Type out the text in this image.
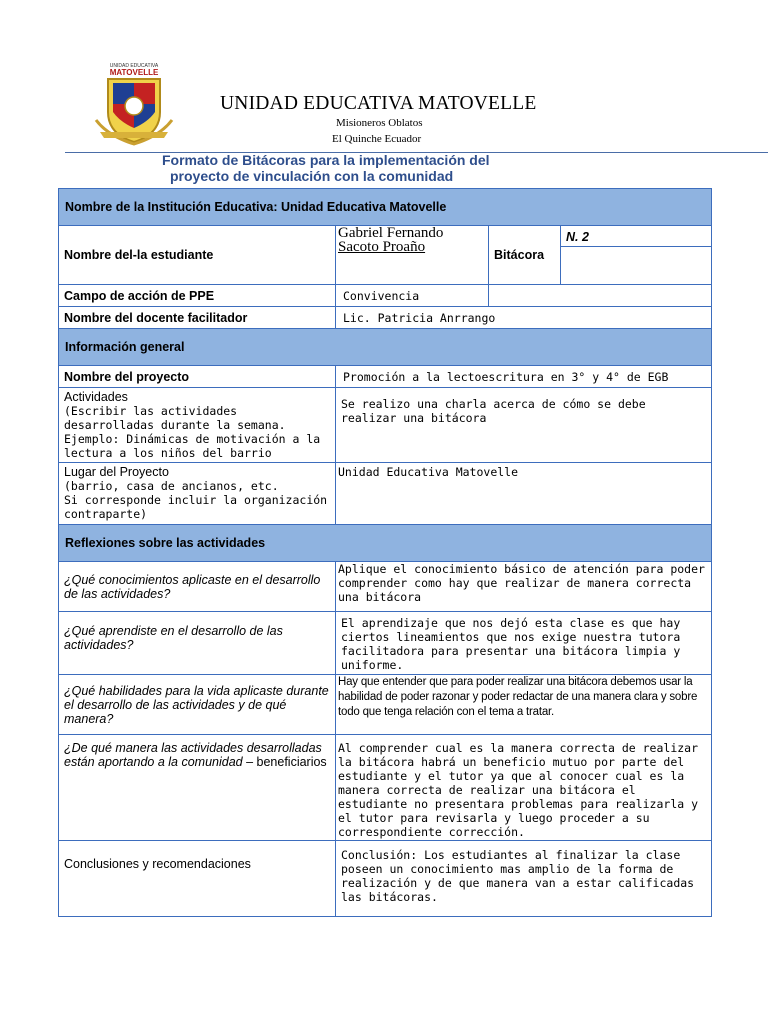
UNIDAD EDUCATIVA
MATOVELLE
UNIDAD EDUCATIVA MATOVELLE
Misioneros Oblatos
El Quinche Ecuador
Formato de Bitácoras para la implementación del
proyecto de vinculación con la comunidad
Nombre de la Institución Educativa: Unidad Educativa Matovelle			
Nombre del-la estudiante	Gabriel Fernando
Sacoto Proaño	Bitácora	N. 2

Campo de acción de PPE	Convivencia		
Nombre del docente facilitador	Lic. Patricia Anrrango		
Información general			
Nombre del proyecto	Promoción a la lectoescritura en 3° y 4° de EGB		

Actividades
(Escribir las actividades desarrolladas durante la semana. Ejemplo: Dinámicas de motivación a la lectura a los niños del barrio	Se realizo una charla acerca de cómo se debe realizar una bitácora		

Lugar del Proyecto
(barrio, casa de ancianos, etc.
Si corresponde incluir la organización contraparte)	Unidad Educativa Matovelle		
Reflexiones sobre las actividades			
¿Qué conocimientos aplicaste en el desarrollo de las actividades?	Aplique el conocimiento básico de atención para poder comprender como hay que realizar de manera correcta una bitácora		
¿Qué aprendiste en el desarrollo de las actividades?	El aprendizaje que nos dejó esta clase es que hay ciertos lineamientos que nos exige nuestra tutora facilitadora para presentar una bitácora limpia y uniforme.		
¿Qué habilidades para la vida aplicaste durante el desarrollo de las actividades y de qué manera?	Hay que entender que para poder realizar una bitácora debemos usar la habilidad de poder razonar y poder redactar de una manera clara y sobre todo que tenga relación con el tema a tratar.		
¿De qué manera las actividades desarrolladas están aportando a la comunidad – beneficiarios	Al comprender cual es la manera correcta de realizar la bitácora habrá un beneficio mutuo por parte del estudiante y el tutor ya que al conocer cual es la manera correcta de realizar una bitácora el estudiante no presentara problemas para realizarla y el tutor para revisarla y luego proceder a su correspondiente corrección.		
Conclusiones y recomendaciones	Conclusión: Los estudiantes al finalizar la clase poseen un conocimiento mas amplio de la forma de realización y de que manera van a estar calificadas las bitácoras.		
